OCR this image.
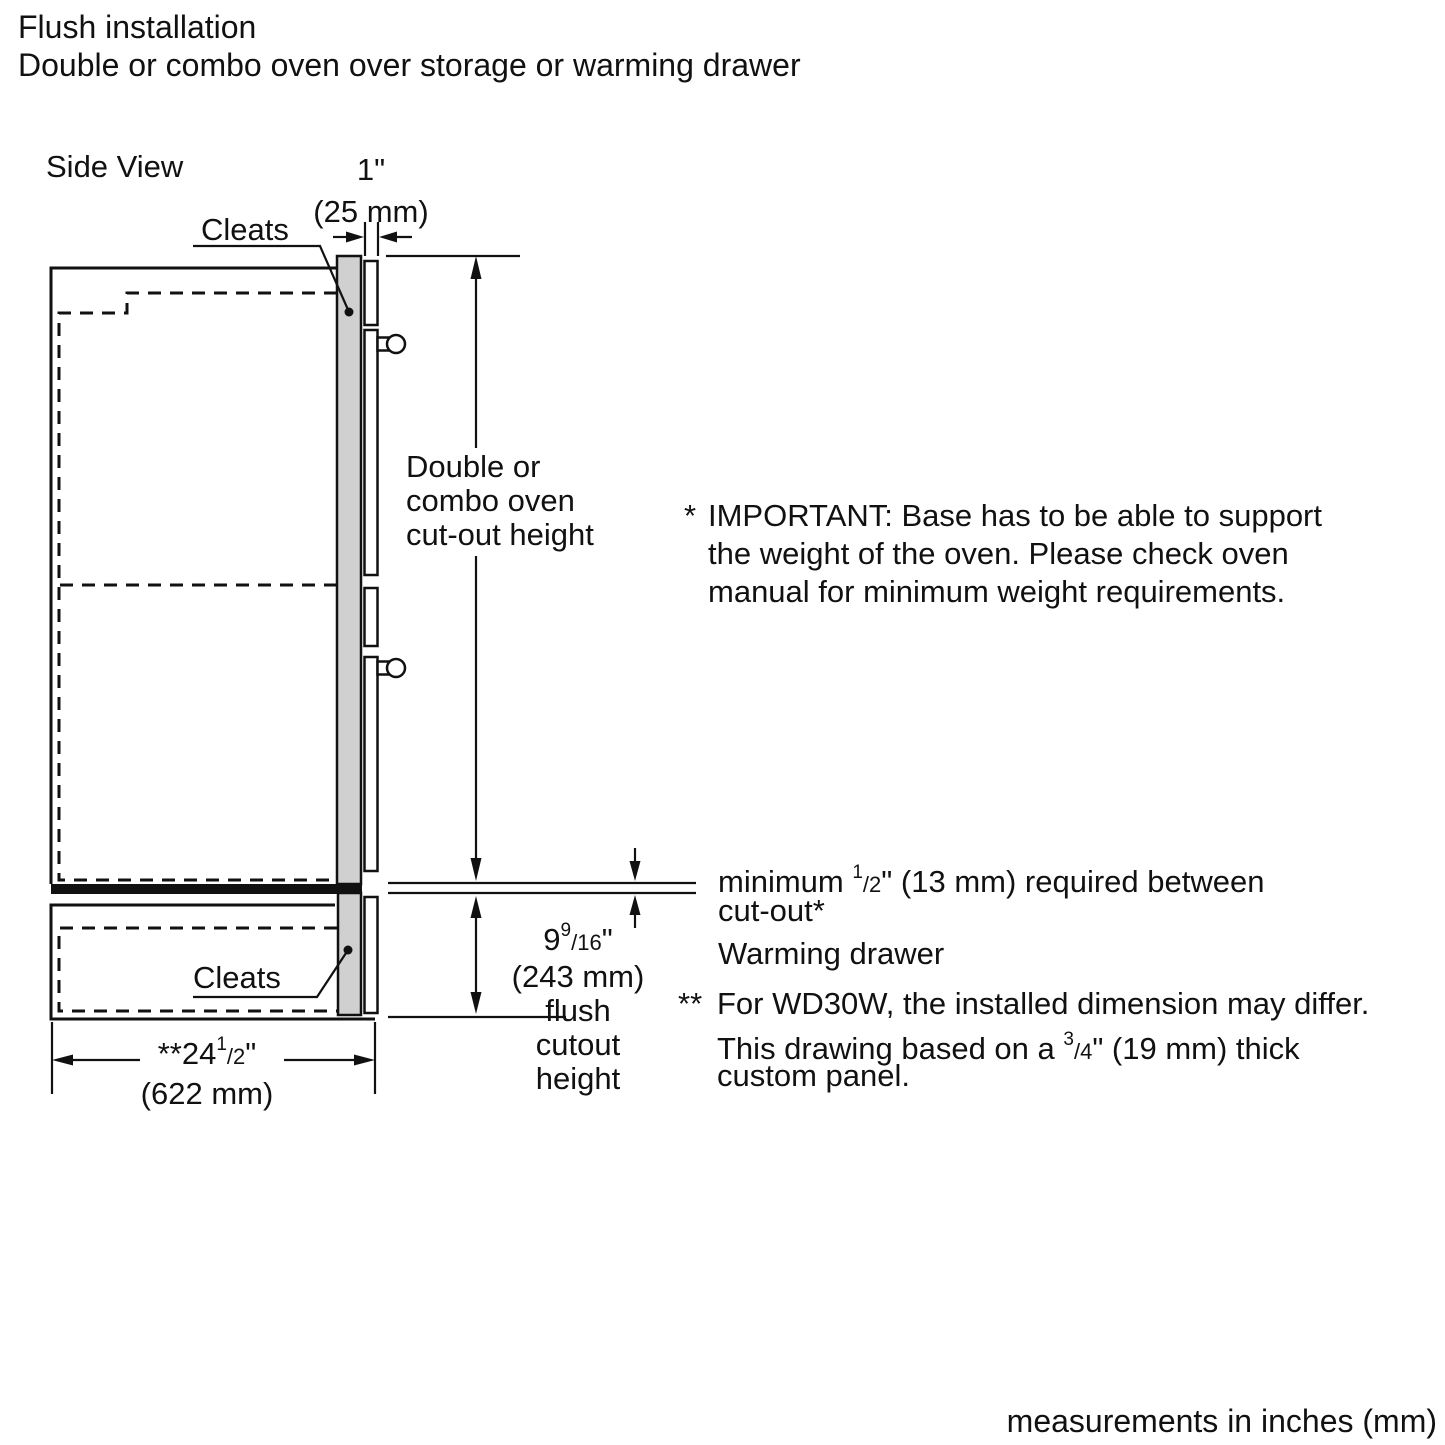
Flush installation
Double or combo oven over storage or warming drawer
Side View	1"
(25 mm)
Cleats
Cleats
Double or
combo oven
cut-out height
$9^9/16$"
(243 mm)
flush
cutout
height
$**24^1/2$"
(622 mm)
* IMPORTANT: Base has to be able to support
the weight of the oven. Please check oven
manual for minimum weight requirements.
minimum $^1$/2" (13 mm) required between
cut-out*
Warming drawer
** For WD30W, the installed dimension may differ.
This drawing based on a $^3$/4" (19 mm) thick
custom panel.
measurements in inches (mm)
